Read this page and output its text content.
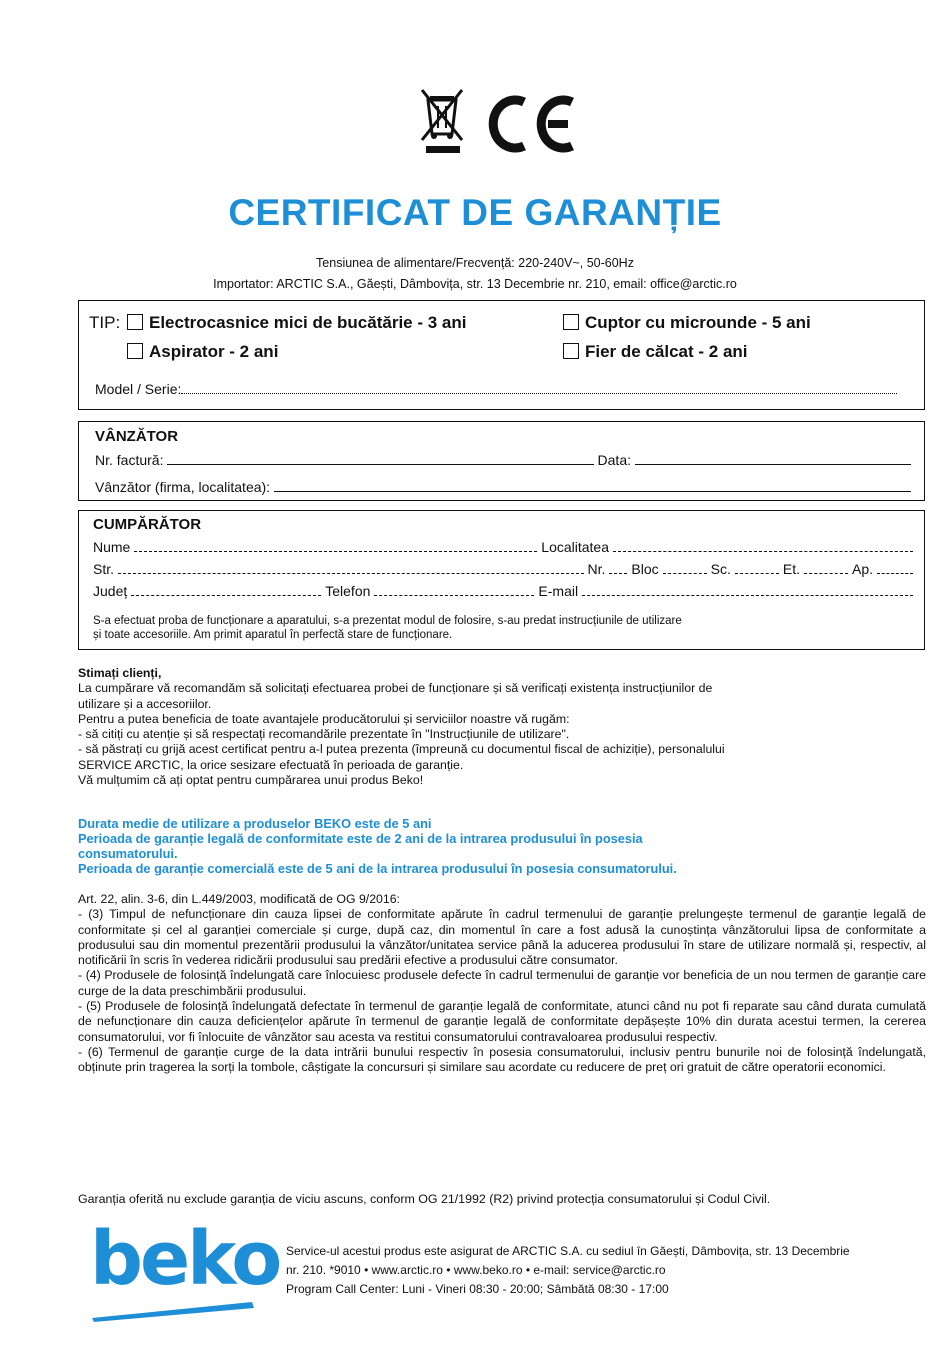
CERTIFICAT DE GARANȚIE
Tensiunea de alimentare/Frecvență: 220-240V~, 50-60Hz
Importator: ARCTIC S.A., Găești, Dâmbovița, str. 13 Decembrie nr. 210, email: office@arctic.ro
TIP:	Electrocasnice mici de bucătărie - 3 ani	Cuptor cu microunde - 5 ani
Aspirator - 2 ani	Fier de călcat - 2 ani
Model / Serie:
VÂNZĂTOR
Nr. factură:	Data:
Vânzător (firma, localitatea):
CUMPĂRĂTOR
Nume	Localitatea
Str.	Nr. Bloc	Sc.	Et.	Ap.
Județ	Telefon	E-mail
S-a efectuat proba de funcționare a aparatului, s-a prezentat modul de folosire, s-au predat instrucțiunile de utilizare
și toate accesoriile. Am primit aparatul în perfectă stare de funcționare.
Stimați clienți,
La cumpărare vă recomandăm să solicitați efectuarea probei de funcționare și să verificați existența instrucțiunilor de
utilizare și a accesoriilor.
Pentru a putea beneficia de toate avantajele producătorului și serviciilor noastre vă rugăm:
- să citiți cu atenție și să respectați recomandările prezentate în "Instrucțiunile de utilizare".
- să păstrați cu grijă acest certificat pentru a-l putea prezenta (împreună cu documentul fiscal de achiziție), personalului
SERVICE ARCTIC, la orice sesizare efectuată în perioada de garanție.
Vă mulțumim că ați optat pentru cumpărarea unui produs Beko!
Durata medie de utilizare a produselor BEKO este de 5 ani
Perioada de garanție legală de conformitate este de 2 ani de la intrarea produsului în posesia
consumatorului.
Perioada de garanție comercială este de 5 ani de la intrarea produsului în posesia consumatorului.
Art. 22, alin. 3-6, din L.449/2003, modificată de OG 9/2016:
- (3) Timpul de nefuncționare din cauza lipsei de conformitate apărute în cadrul termenului de garanție prelungește termenul de garanție legală de conformitate și cel al garanției comerciale și curge, după caz, din momentul în care a fost adusă la cunoștința vânzătorului lipsa de conformitate a produsului sau din momentul prezentării produsului la vânzător/unitatea service până la aducerea produsului în stare de utilizare normală și, respectiv, al notificării în scris în vederea ridicării produsului sau predării efective a produsului către consumator.
- (4) Produsele de folosință îndelungată care înlocuiesc produsele defecte în cadrul termenului de garanție vor beneficia de un nou termen de garanție care curge de la data preschimbării produsului.
- (5) Produsele de folosință îndelungată defectate în termenul de garanție legală de conformitate, atunci când nu pot fi reparate sau când durata cumulată de nefuncționare din cauza deficiențelor apărute în termenul de garanție legală de conformitate depășește 10% din durata acestui termen, la cererea consumatorului, vor fi înlocuite de vânzător sau acesta va restitui consumatorului contravaloarea produsului respectiv.
- (6) Termenul de garanție curge de la data intrării bunului respectiv în posesia consumatorului, inclusiv pentru bunurile noi de folosință îndelungată, obținute prin tragerea la sorți la tombole, câștigate la concursuri și similare sau acordate cu reducere de preț ori gratuit de către operatorii economici.
Garanția oferită nu exclude garanția de viciu ascuns, conform OG 21/1992 (R2) privind protecția consumatorului și Codul Civil.
beko Service-ul acestui produs este asigurat de ARCTIC S.A. cu sediul în Găești, Dâmbovița, str. 13 Decembrie
nr. 210. *9010 • www.arctic.ro • www.beko.ro • e-mail: service@arctic.ro
Program Call Center: Luni - Vineri 08:30 - 20:00; Sâmbătă 08:30 - 17:00
